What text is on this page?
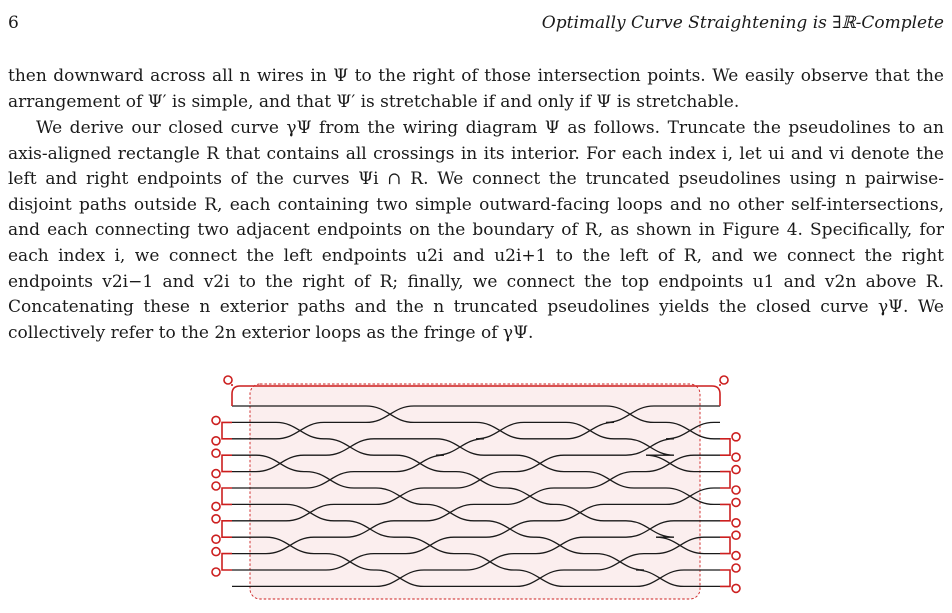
6	Optimally Curve Straightening is ∃ℝ-Complete

then downward across all n wires in Ψ to the right of those intersection points. We easily observe that the arrangement of Ψ′ is simple, and that Ψ′ is stretchable if and only if Ψ is stretchable.

We derive our closed curve γΨ from the wiring diagram Ψ as follows. Truncate the pseudolines to an axis-aligned rectangle R that contains all crossings in its interior. For each index i, let ui and vi denote the left and right endpoints of the curves Ψi ∩ R. We connect the truncated pseudolines using n pairwise-disjoint paths outside R, each containing two simple outward-facing loops and no other self-intersections, and each connecting two adjacent endpoints on the boundary of R, as shown in Figure 4. Specifically, for each index i, we connect the left endpoints u2i and u2i+1 to the left of R, and we connect the right endpoints v2i−1 and v2i to the right of R; finally, we connect the top endpoints u1 and v2n above R. Concatenating these n exterior paths and the n truncated pseudolines yields the closed curve γΨ. We collectively refer to the 2n exterior loops as the fringe of γΨ.
